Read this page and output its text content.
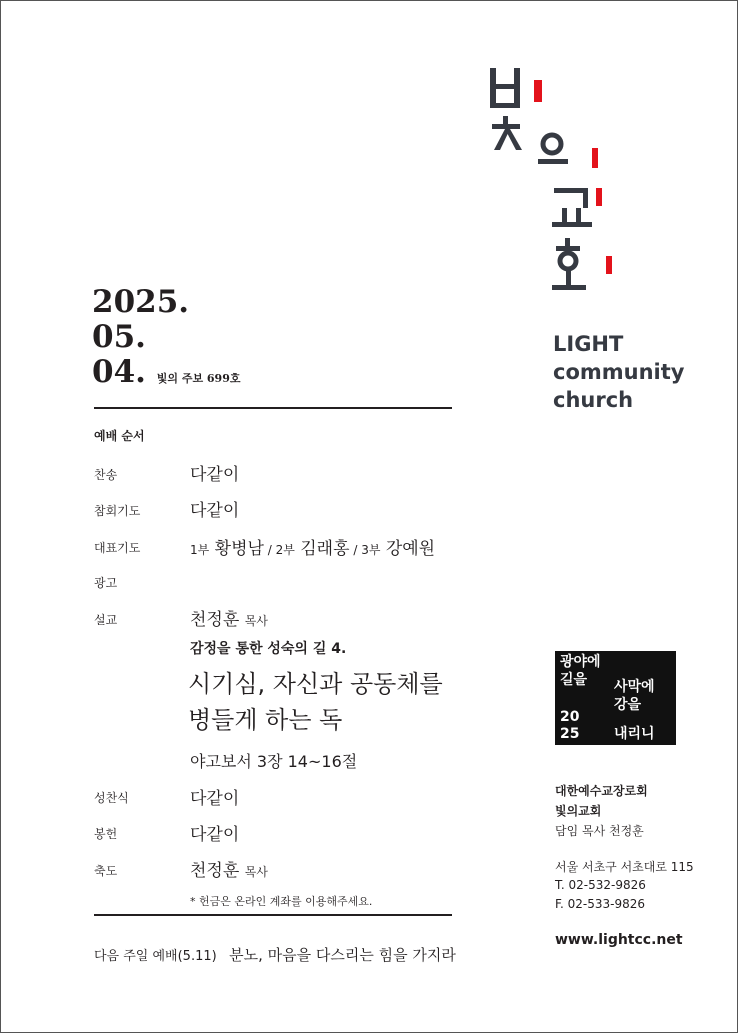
2025.
05.
04. 빛의 주보 699호
예배 순서
찬송	다같이
참회기도	다같이
대표기도	1부 황병남 / 2부 김래홍 / 3부 강예원
광고
설교	천정훈 목사
감정을 통한 성숙의 길 4.
시기심, 자신과 공동체를
병들게 하는 독
야고보서 3장 14~16절
성찬식	다같이
봉헌	다같이
축도	천정훈 목사
* 헌금은 온라인 계좌를 이용해주세요.
다음 주일 예배(5.11) 분노, 마음을 다스리는 힘을 가지라
LIGHT
community
church
광야에
길을 사막에
강을
20
25 내리니
대한예수교장로회
빛의교회
담임 목사 천정훈
서울 서초구 서초대로 115
T. 02-532-9826
F. 02-533-9826
www.lightcc.net
